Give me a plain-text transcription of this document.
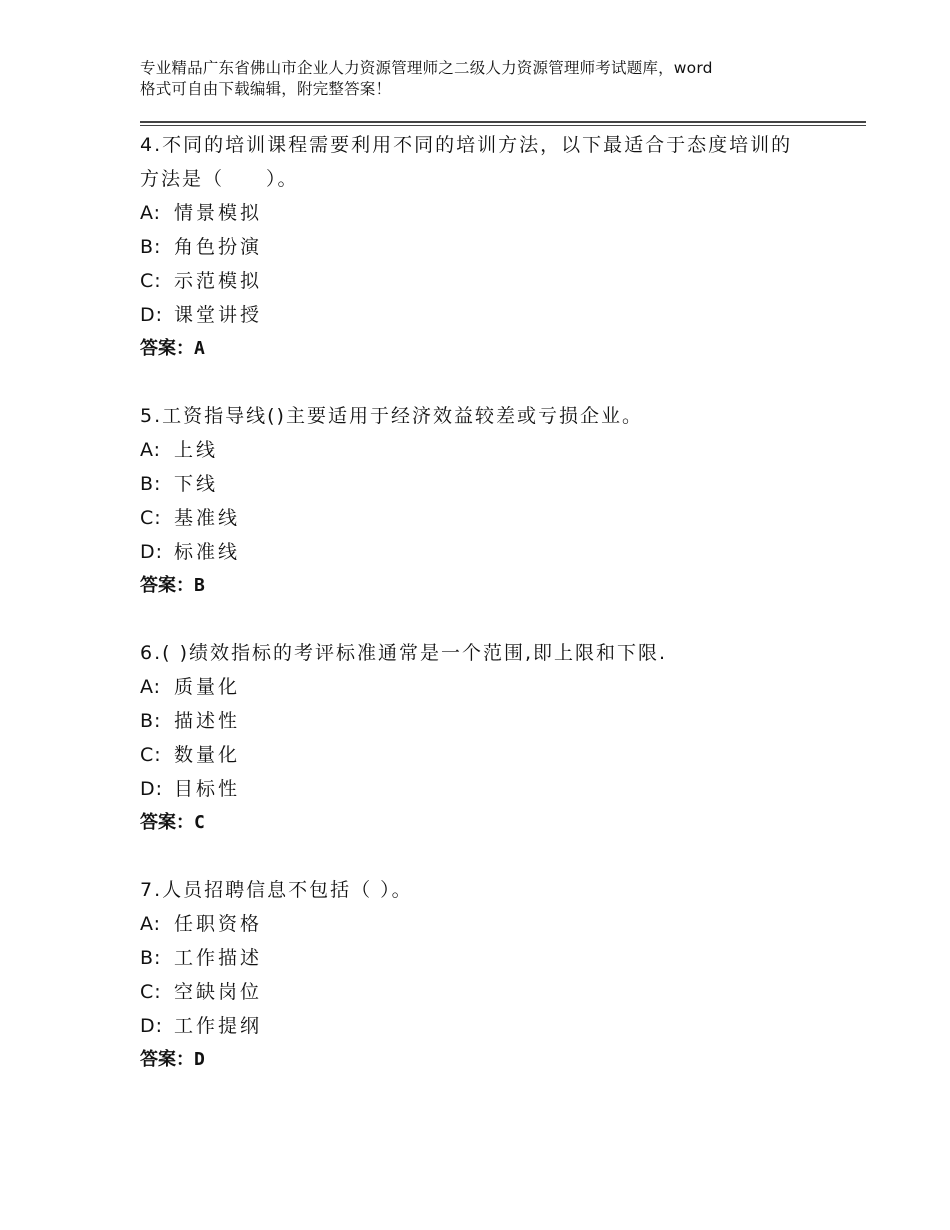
专业精品广东省佛山市企业人力资源管理师之二级人力资源管理师考试题库，word
格式可自由下载编辑，附完整答案！
4.不同的培训课程需要利用不同的培训方法，以下最适合于态度培训的方法是（　　）。
A: 情景模拟
B: 角色扮演
C: 示范模拟
D: 课堂讲授
答案：A
5.工资指导线()主要适用于经济效益较差或亏损企业。
A: 上线
B: 下线
C: 基准线
D: 标准线
答案：B
6.( )绩效指标的考评标准通常是一个范围,即上限和下限.
A: 质量化
B: 描述性
C: 数量化
D: 目标性
答案：C
7.人员招聘信息不包括（ ）。
A: 任职资格
B: 工作描述
C: 空缺岗位
D: 工作提纲
答案：D
